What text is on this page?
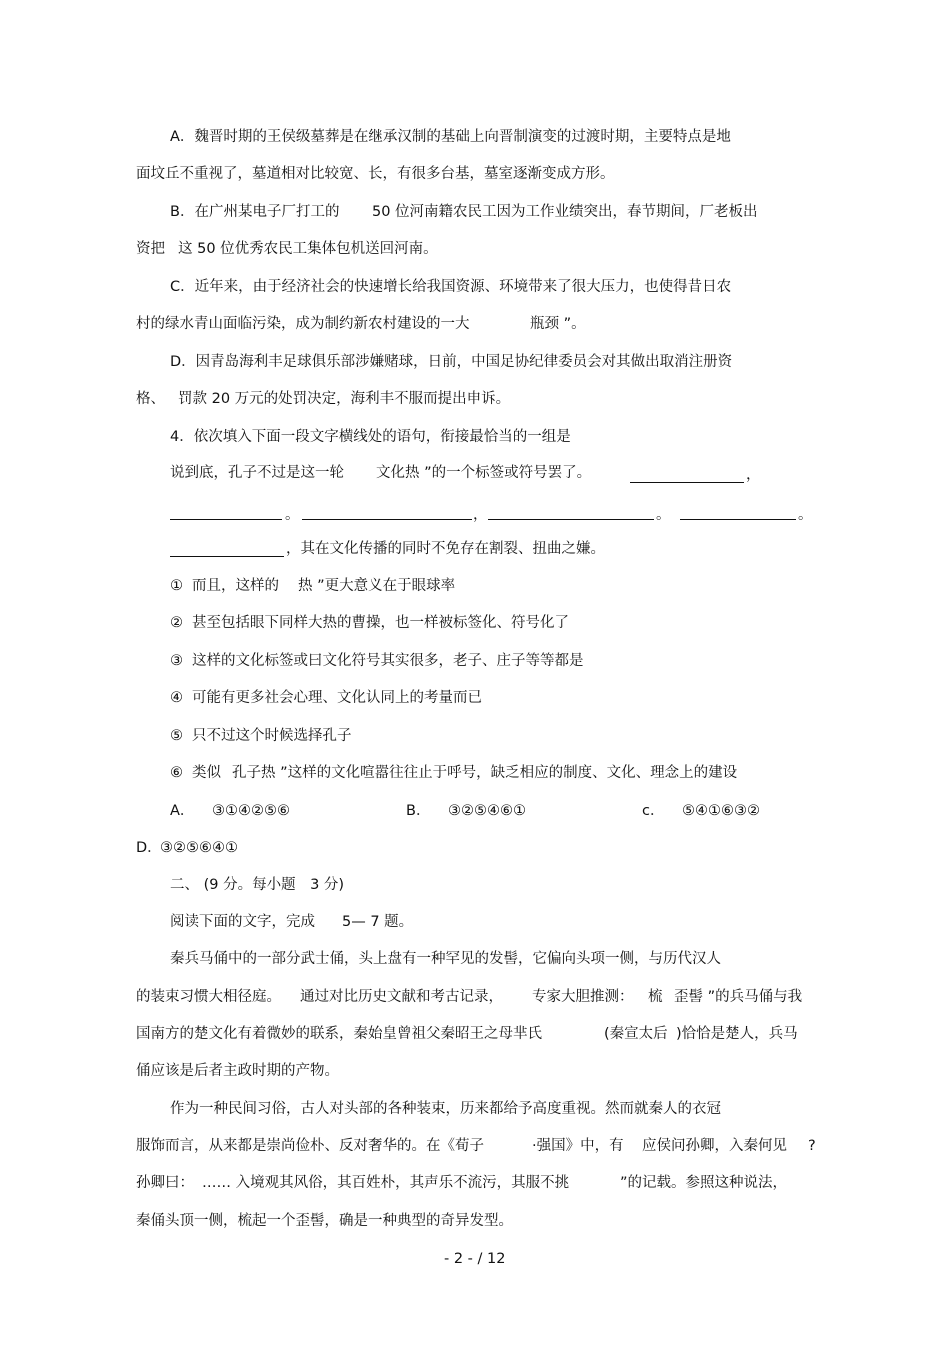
A．魏晋时期的王侯级墓葬是在继承汉制的基础上向晋制演变的过渡时期，主要特点是地
面坟丘不重视了，墓道相对比较宽、长，有很多台基，墓室逐渐变成方形。
B．在广州某电子厂打工的 50 位河南籍农民工因为工作业绩突出，春节期间，厂老板出
资把 这 50 位优秀农民工集体包机送回河南。
C．近年来，由于经济社会的快速增长给我国资源、环境带来了很大压力，也使得昔日农
村的绿水青山面临污染，成为制约新农村建设的一大	瓶颈 ”。
D．因青岛海利丰足球俱乐部涉嫌赌球，日前，中国足协纪律委员会对其做出取消注册资
格、 罚款 20 万元的处罚决定，海利丰不服而提出申诉。
4．依次填入下面一段文字横线处的语句，衔接最恰当的一组是
说到底，孔子不过是这一轮 文化热 ”的一个标签或符号罢了。	，
。	，	。	。
，其在文化传播的同时不免存在割裂、扭曲之嫌。
① 而且，这样的 热 ”更大意义在于眼球率
② 甚至包括眼下同样大热的曹操，也一样被标签化、符号化了
③ 这样的文化标签或曰文化符号其实很多，老子、庄子等等都是
④ 可能有更多社会心理、文化认同上的考量而已
⑤ 只不过这个时候选择孔子
⑥ 类似 孔子热 ”这样的文化喧嚣往往止于呼号，缺乏相应的制度、文化、理念上的建设
A． ③①④②⑤⑥	B． ③②⑤④⑥①	c． ⑤④①⑥③②
D．
③②⑤⑥④①
二、 (9 分。每小题　3 分)
阅读下面的文字，完成 5— 7 题。
秦兵马俑中的一部分武士俑，头上盘有一种罕见的发髻，它偏向头项一侧，与历代汉人
的装束习惯大相径庭。 通过对比历史文献和考古记录， 专家大胆推测： 梳 歪髻 ”的兵马俑与我
国南方的楚文化有着微妙的联系，秦始皇曾祖父秦昭王之母芈氏	(秦宣太后 )恰恰是楚人，兵马
俑应该是后者主政时期的产物。
作为一种民间习俗，古人对头部的各种装束，历来都给予高度重视。然而就秦人的衣冠
服饰而言，从来都是崇尚俭朴、反对奢华的。在《荀子	·强国》中，有 应侯问孙卿，入秦何见 ?
孙卿曰： …… 入境观其风俗，其百姓朴，其声乐不流污，其服不挑	”的记载。参照这种说法，
秦俑头顶一侧，梳起一个歪髻，确是一种典型的奇异发型。
- 2 - / 12
